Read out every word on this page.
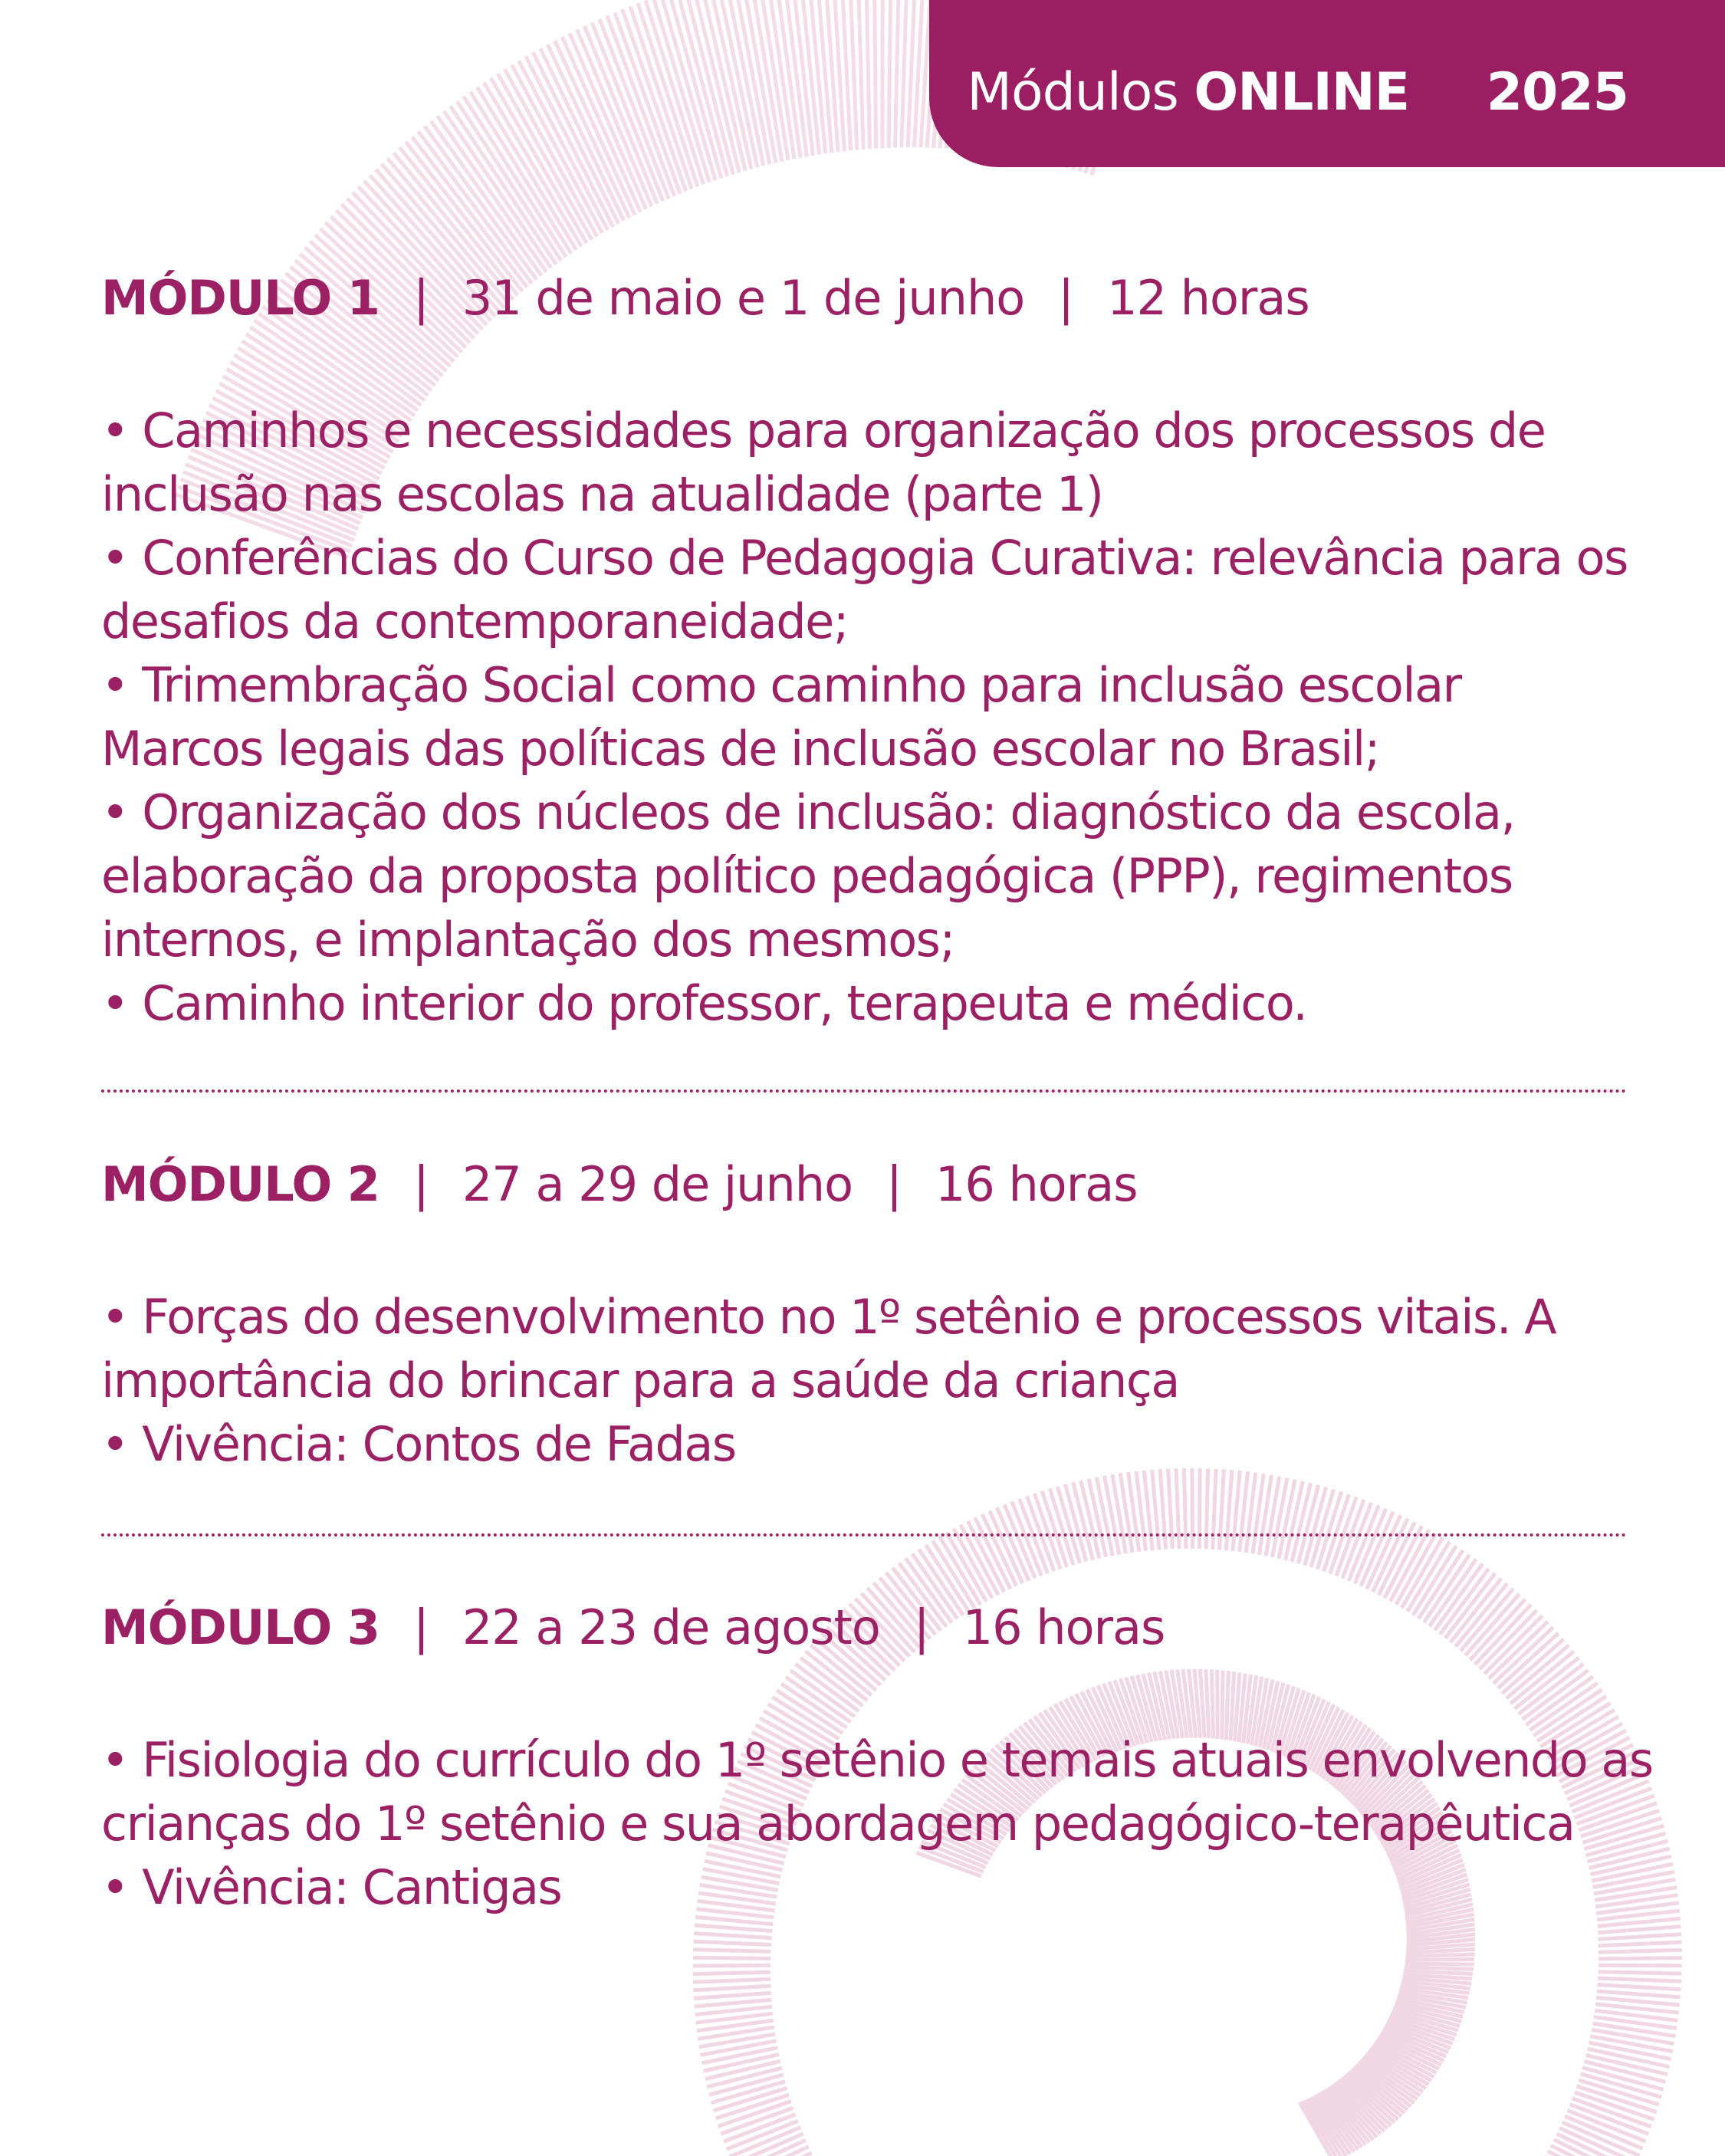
Módulos ONLINE 2025
MÓDULO 1 | 31 de maio e 1 de junho | 12 horas
• Caminhos e necessidades para organização dos processos de
inclusão nas escolas na atualidade (parte 1)
• Conferências do Curso de Pedagogia Curativa: relevância para os
desafios da contemporaneidade;
• Trimembração Social como caminho para inclusão escolar
Marcos legais das políticas de inclusão escolar no Brasil;
• Organização dos núcleos de inclusão: diagnóstico da escola,
elaboração da proposta político pedagógica (PPP), regimentos
internos, e implantação dos mesmos;
• Caminho interior do professor, terapeuta e médico.
MÓDULO 2 | 27 a 29 de junho | 16 horas
• Forças do desenvolvimento no 1º setênio e processos vitais. A
importância do brincar para a saúde da criança
• Vivência: Contos de Fadas
MÓDULO 3 | 22 a 23 de agosto | 16 horas
• Fisiologia do currículo do 1º setênio e temais atuais envolvendo as
crianças do 1º setênio e sua abordagem pedagógico-terapêutica
• Vivência: Cantigas
